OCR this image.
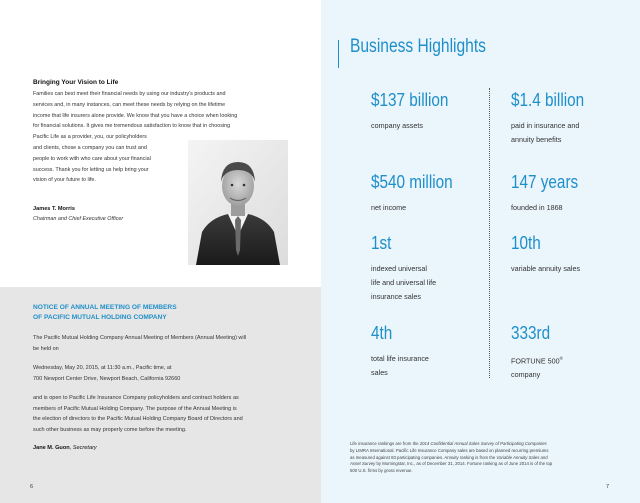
Bringing Your Vision to Life
Families can best meet their financial needs by using our industry's products and
services and, in many instances, can meet these needs by relying on the lifetime
income that life insurers alone provide. We know that you have a choice when looking
for financial solutions. It gives me tremendous satisfaction to know that in choosing
Pacific Life as a provider, you, our policyholders
and clients, chose a company you can trust and
people to work with who care about your financial
success. Thank you for letting us help bring your
vision of your future to life.
James T. Morris
Chairman and Chief Executive Officer
NOTICE OF ANNUAL MEETING OF MEMBERS
OF PACIFIC MUTUAL HOLDING COMPANY

The Pacific Mutual Holding Company Annual Meeting of Members (Annual Meeting) will
be held on

Wednesday, May 20, 2015, at 11:30 a.m., Pacific time, at
700 Newport Center Drive, Newport Beach, California 92660

and is open to Pacific Life Insurance Company policyholders and contract holders as
members of Pacific Mutual Holding Company. The purpose of the Annual Meeting is
the election of directors to the Pacific Mutual Holding Company Board of Directors and
such other business as may properly come before the meeting.

Jane M. Guon, Secretary
6
Business Highlights
$137 billion
company assets
$1.4 billion
paid in insurance and
annuity benefits
$540 million
net income
147 years
founded in 1868
1st
indexed universal
life and universal life
insurance sales
10th
variable annuity sales
4th
total life insurance
sales
333rd
FORTUNE 500®
company
Life insurance rankings are from the 2014 Confidential Annual Sales Survey of Participating Companies
by LIMRA International. Pacific Life Insurance Company sales are based on planned recurring premiums
as measured against 83 participating companies. Annuity ranking is from the Variable Annuity Sales and
Asset Survey by Morningstar, Inc., as of December 31, 2014. Fortune ranking as of June 2014 is of the top
500 U.S. firms by gross revenue.
7
